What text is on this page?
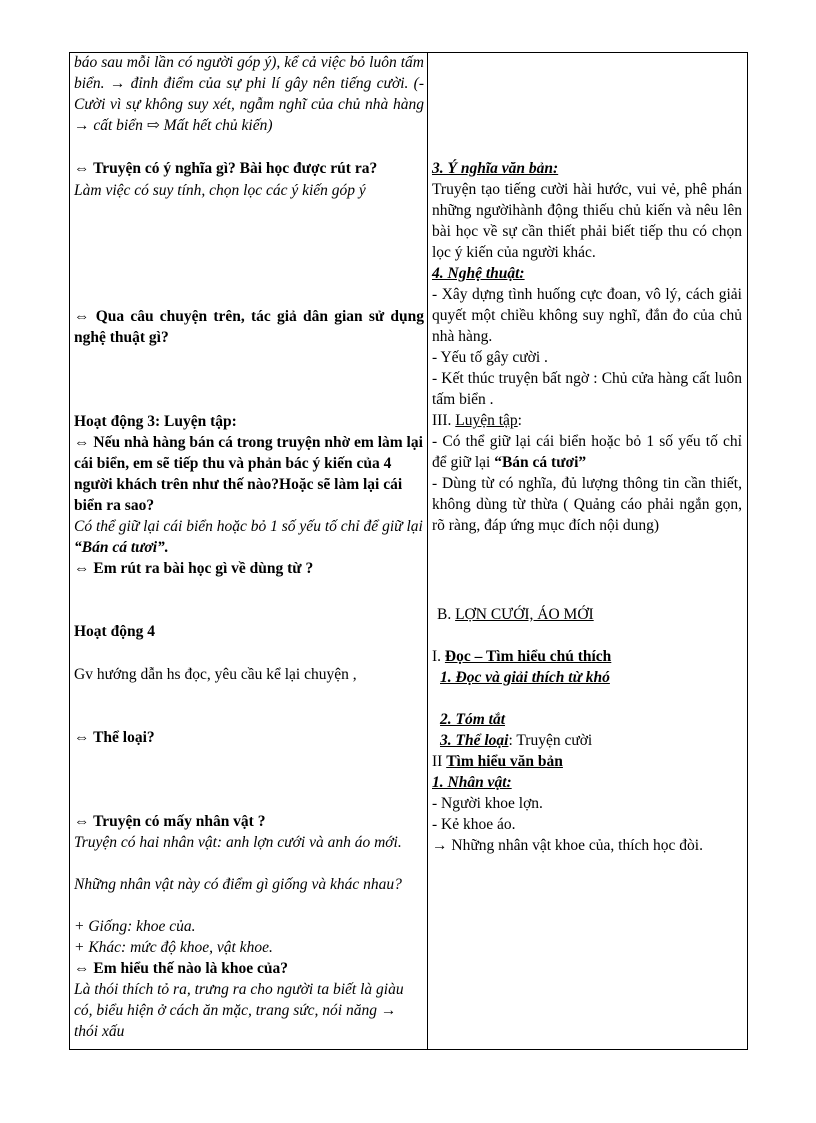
báo sau mỗi lần có người góp ý), kể cả việc bỏ luôn tấm biển. → đỉnh điểm của sự phi lí gây nên tiếng cười. (- Cười vì sự không suy xét, ngẫm nghĩ của chủ nhà hàng → cất biển ⇨ Mất hết chủ kiến)

⇔ Truyện có ý nghĩa gì? Bài học được rút ra?

Làm việc có suy tính, chọn lọc các ý kiến góp ý

⇔ Qua câu chuyện trên, tác giả dân gian sử dụng nghệ thuật gì?

Hoạt động 3: Luyện tập:

⇔ Nếu nhà hàng bán cá trong truyện nhờ em làm lại cái biển, em sẽ tiếp thu và phản bác ý kiến của 4 người khách trên như thế nào?Hoặc sẽ làm lại cái biển ra sao?

Có thể giữ lại cái biển hoặc bỏ 1 số yếu tố chỉ để giữ lại “Bán cá tươi”.

⇔ Em rút ra bài học gì về dùng từ ?

Hoạt động 4

Gv hướng dẫn hs đọc, yêu cầu kể lại chuyện ,

⇔ Thể loại?

⇔ Truyện có mấy nhân vật ?

Truyện có hai nhân vật: anh lợn cưới và anh áo mới.

Những nhân vật này có điểm gì giống và khác nhau?

+ Giống: khoe của.

+ Khác: mức độ khoe, vật khoe.

⇔ Em hiểu thế nào là khoe của?

Là thói thích tỏ ra, trưng ra cho người ta biết là giàu có, biểu hiện ở cách ăn mặc, trang sức, nói năng → thói xấu

3. Ý nghĩa văn bản:

Truyện tạo tiếng cười hài hước, vui vẻ, phê phán những ngườihành động thiếu chủ kiến và nêu lên bài học về sự cần thiết phải biết tiếp thu có chọn lọc ý kiến của người khác.

4. Nghệ thuật:

- Xây dựng tình huống cực đoan, vô lý, cách giải quyết một chiều không suy nghĩ, đắn đo của chủ nhà hàng.

- Yếu tố gây cười .

- Kết thúc truyện bất ngờ : Chủ cửa hàng cất luôn tấm biển .

III. Luyện tập:

- Có thể giữ lại cái biển hoặc bỏ 1 số yếu tố chỉ để giữ lại “Bán cá tươi”

- Dùng từ có nghĩa, đủ lượng thông tin cần thiết, không dùng từ thừa ( Quảng cáo phải ngắn gọn, rõ ràng, đáp ứng mục đích nội dung)

B. LỢN CƯỚI, ÁO MỚI

I. Đọc – Tìm hiểu chú thích

1. Đọc và giải thích từ khó

2. Tóm tắt

3. Thể loại: Truyện cười

II Tìm hiểu văn bản

1. Nhân vật:

- Người khoe lợn.

- Kẻ khoe áo.

→ Những nhân vật khoe của, thích học đòi.
